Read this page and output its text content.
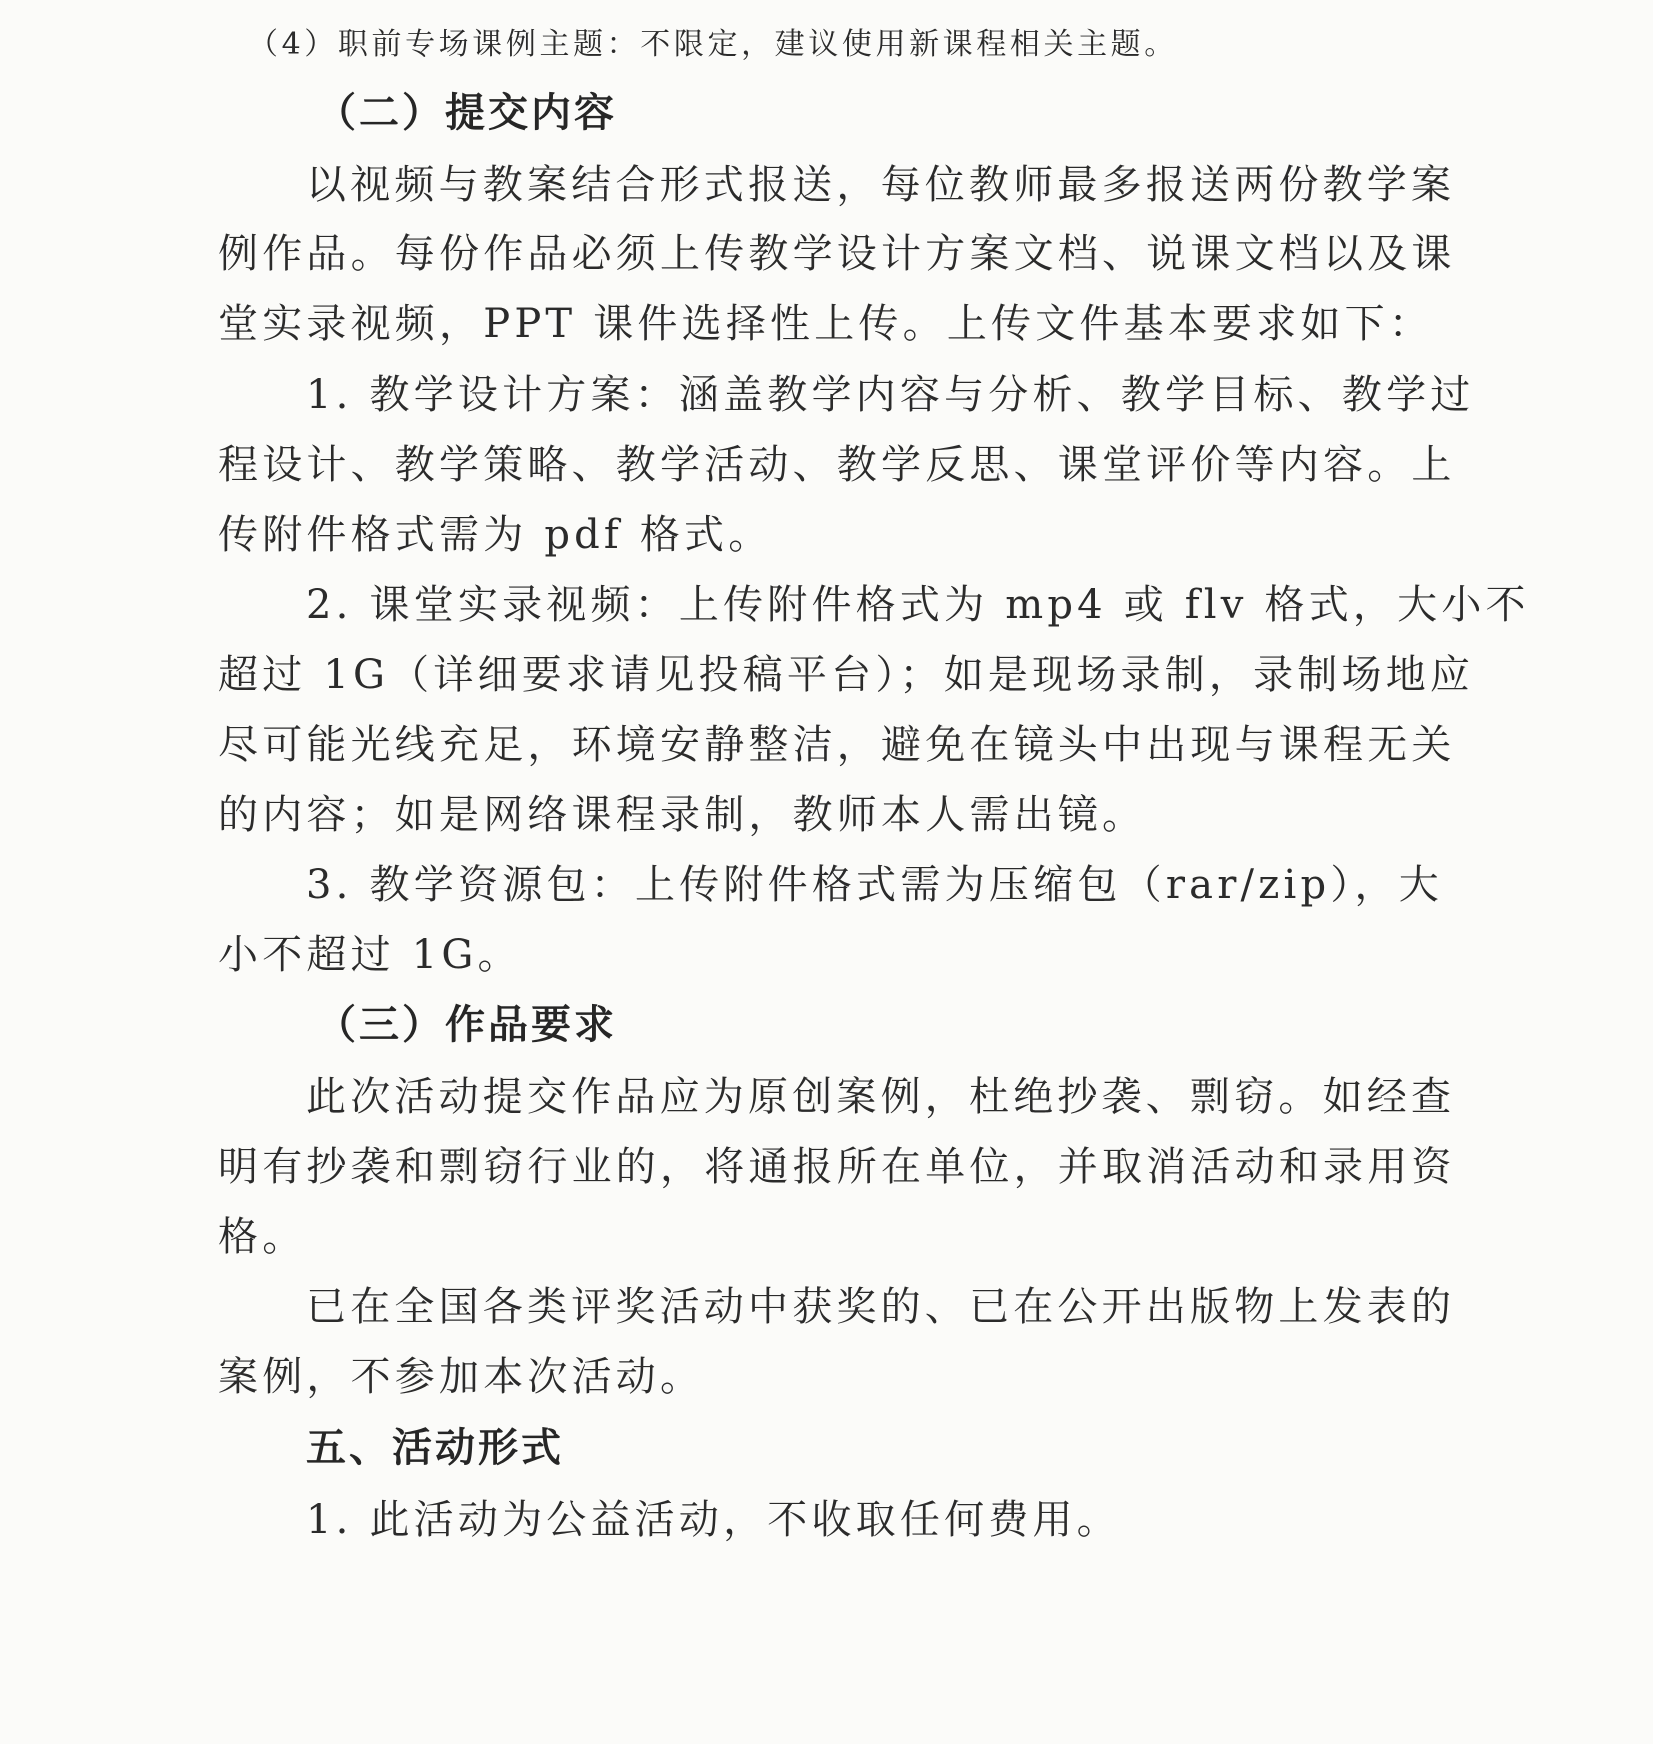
（4）职前专场课例主题：不限定，建议使用新课程相关主题。
（二）提交内容
以视频与教案结合形式报送，每位教师最多报送两份教学案
例作品。每份作品必须上传教学设计方案文档、说课文档以及课
堂实录视频，PPT 课件选择性上传。上传文件基本要求如下：
1. 教学设计方案：涵盖教学内容与分析、教学目标、教学过
程设计、教学策略、教学活动、教学反思、课堂评价等内容。上
传附件格式需为 pdf 格式。
2. 课堂实录视频：上传附件格式为 mp4 或 flv 格式，大小不
超过 1G（详细要求请见投稿平台）；如是现场录制，录制场地应
尽可能光线充足，环境安静整洁，避免在镜头中出现与课程无关
的内容；如是网络课程录制，教师本人需出镜。
3. 教学资源包：上传附件格式需为压缩包（rar/zip），大
小不超过 1G。
（三）作品要求
此次活动提交作品应为原创案例，杜绝抄袭、剽窃。如经查
明有抄袭和剽窃行业的，将通报所在单位，并取消活动和录用资
格。
已在全国各类评奖活动中获奖的、已在公开出版物上发表的
案例，不参加本次活动。
五、活动形式
1. 此活动为公益活动，不收取任何费用。
